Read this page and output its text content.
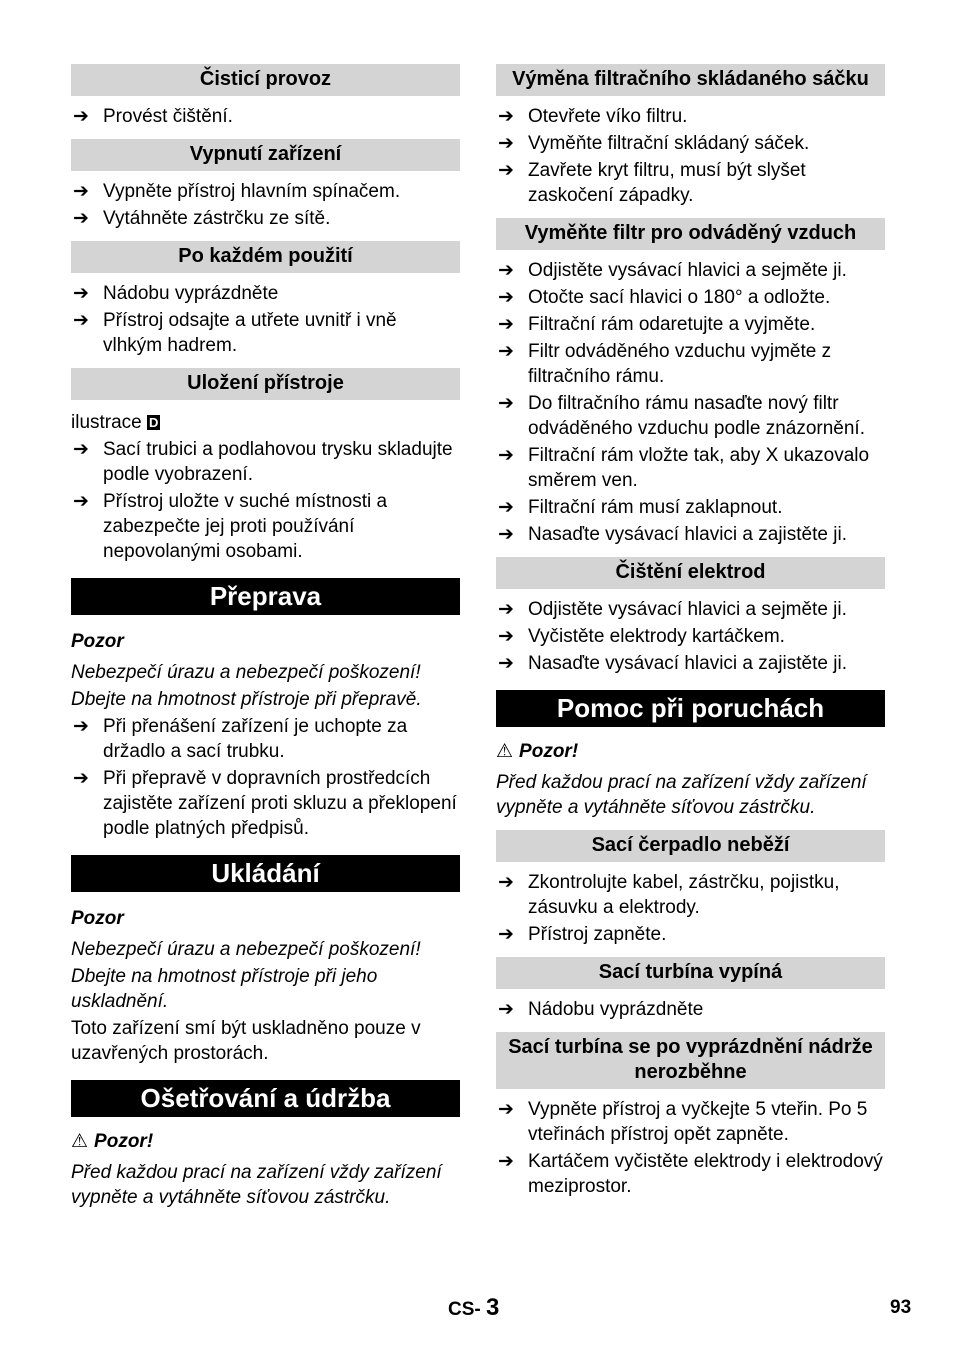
Čisticí provoz
➔ Provést čištění.
Vypnutí zařízení
➔ Vypněte přístroj hlavním spínačem.
➔ Vytáhněte zástrčku ze sítě.
Po každém použití
➔ Nádobu vyprázdněte
➔ Přístroj odsajte a utřete uvnitř i vně vlhkým hadrem.
Uložení přístroje
ilustrace D
➔ Sací trubici a podlahovou trysku skladujte podle vyobrazení.
➔ Přístroj uložte v suché místnosti a zabezpečte jej proti používání nepovolanými osobami.
Přeprava
Pozor
Nebezpečí úrazu a nebezpečí poškození!
Dbejte na hmotnost přístroje při přepravě.
➔ Při přenášení zařízení je uchopte za držadlo a sací trubku.
➔ Při přepravě v dopravních prostředcích zajistěte zařízení proti skluzu a překlopení podle platných předpisů.
Ukládání
Pozor
Nebezpečí úrazu a nebezpečí poškození!
Dbejte na hmotnost přístroje při jeho uskladnění.
Toto zařízení smí být uskladněno pouze v uzavřených prostorách.
Ošetřování a údržba
⚠ Pozor!
Před každou prací na zařízení vždy zařízení vypněte a vytáhněte síťovou zástrčku.
Výměna filtračního skládaného sáčku
➔ Otevřete víko filtru.
➔ Vyměňte filtrační skládaný sáček.
➔ Zavřete kryt filtru, musí být slyšet zaskočení západky.
Vyměňte filtr pro odváděný vzduch
➔ Odjistěte vysávací hlavici a sejměte ji.
➔ Otočte sací hlavici o 180° a odložte.
➔ Filtrační rám odaretujte a vyjměte.
➔ Filtr odváděného vzduchu vyjměte z filtračního rámu.
➔ Do filtračního rámu nasaďte nový filtr odváděného vzduchu podle znázornění.
➔ Filtrační rám vložte tak, aby X ukazovalo směrem ven.
➔ Filtrační rám musí zaklapnout.
➔ Nasaďte vysávací hlavici a zajistěte ji.
Čištění elektrod
➔ Odjistěte vysávací hlavici a sejměte ji.
➔ Vyčistěte elektrody kartáčkem.
➔ Nasaďte vysávací hlavici a zajistěte ji.
Pomoc při poruchách
⚠ Pozor!
Před každou prací na zařízení vždy zařízení vypněte a vytáhněte síťovou zástrčku.
Sací čerpadlo neběží
➔ Zkontrolujte kabel, zástrčku, pojistku, zásuvku a elektrody.
➔ Přístroj zapněte.
Sací turbína vypíná
➔ Nádobu vyprázdněte
Sací turbína se po vyprázdnění nádrže nerozběhne
➔ Vypněte přístroj a vyčkejte 5 vteřin. Po 5 vteřinách přístroj opět zapněte.
➔ Kartáčem vyčistěte elektrody i elektrodový meziprostor.
CS- 3	93
